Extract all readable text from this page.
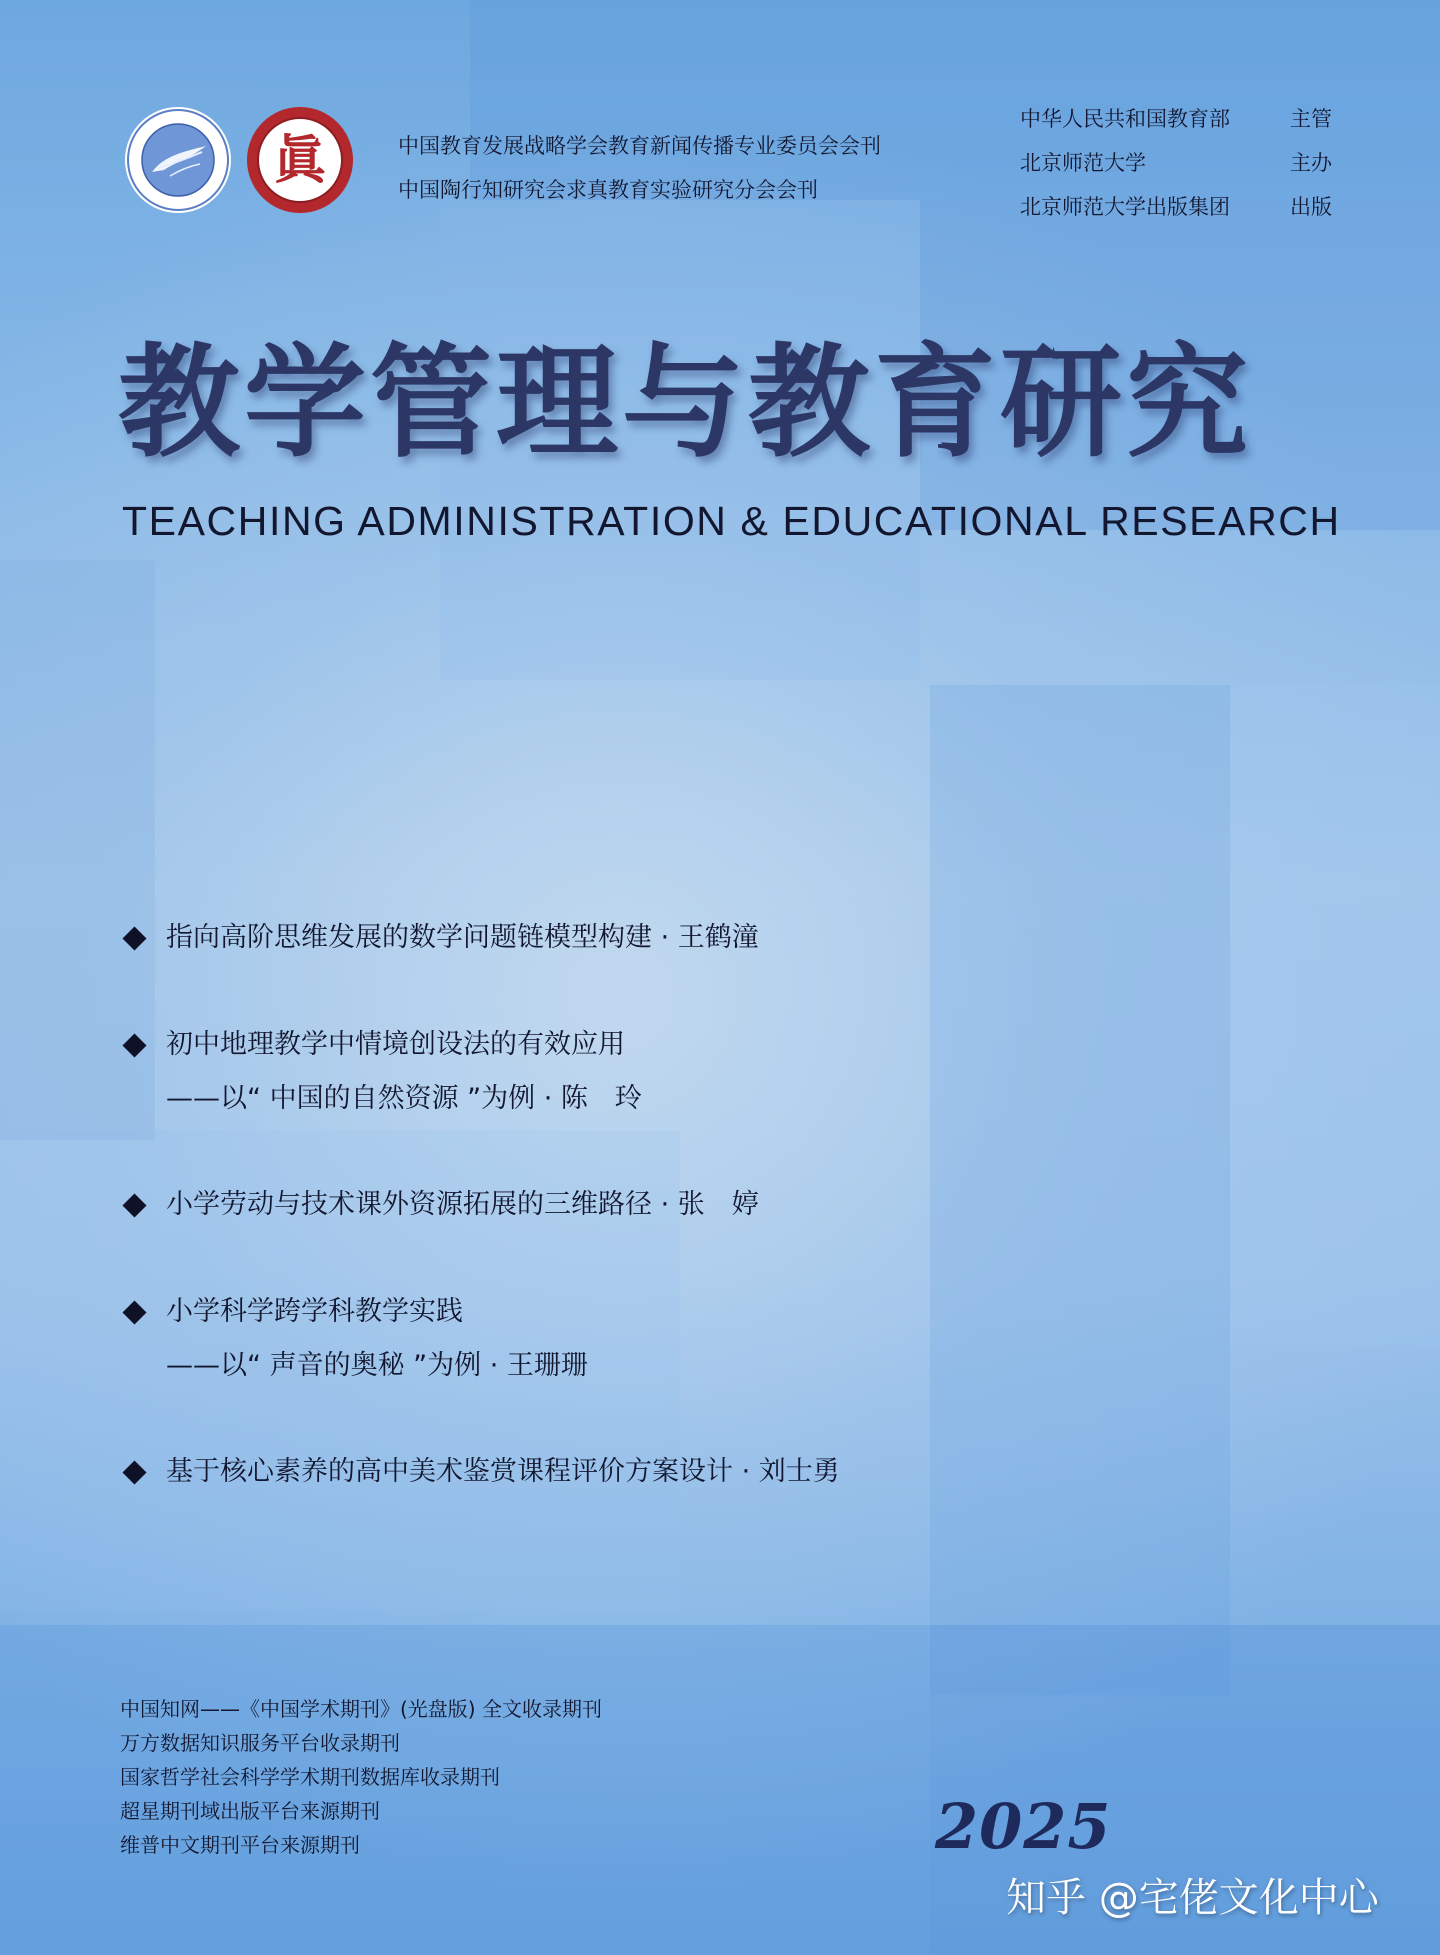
眞	中国教育发展战略学会教育新闻传播专业委员会会刊
中国陶行知研究会求真教育实验研究分会会刊
中华人民共和国教育部	主管
北京师范大学	主办
北京师范大学出版集团	出版
教学管理与教育研究
TEACHING ADMINISTRATION & EDUCATIONAL RESEARCH
指向高阶思维发展的数学问题链模型构建 · 王鹤潼
初中地理教学中情境创设法的有效应用
——以“ 中国的自然资源 ”为例 · 陈　玲
小学劳动与技术课外资源拓展的三维路径 · 张　婷
小学科学跨学科教学实践
——以“ 声音的奥秘 ”为例 · 王珊珊
基于核心素养的高中美术鉴赏课程评价方案设计 · 刘士勇
中国知网——《中国学术期刊》(光盘版) 全文收录期刊
万方数据知识服务平台收录期刊
国家哲学社会科学学术期刊数据库收录期刊
超星期刊域出版平台来源期刊
维普中文期刊平台来源期刊	2025
知乎 @宅佬文化中心
